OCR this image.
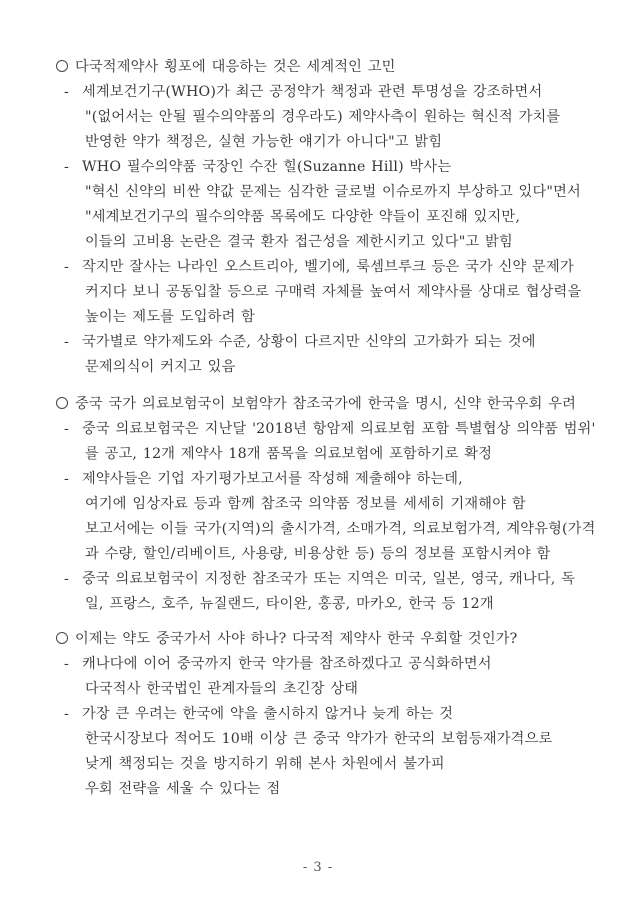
다국적제약사 횡포에 대응하는 것은 세계적인 고민
- 세계보건기구(WHO)가 최근 공정약가 책정과 관련 투명성을 강조하면서
"(없어서는 안될 필수의약품의 경우라도) 제약사측이 원하는 혁신적 가치를
반영한 약가 책정은, 실현 가능한 얘기가 아니다"고 밝힘
- WHO 필수의약품 국장인 수잔 힐(Suzanne Hill) 박사는
"혁신 신약의 비싼 약값 문제는 심각한 글로벌 이슈로까지 부상하고 있다"면서
"세계보건기구의 필수의약품 목록에도 다양한 약들이 포진해 있지만,
이들의 고비용 논란은 결국 환자 접근성을 제한시키고 있다"고 밝힘
- 작지만 잘사는 나라인 오스트리아, 벨기에, 룩셈브루크 등은 국가 신약 문제가
커지다 보니 공동입찰 등으로 구매력 자체를 높여서 제약사를 상대로 협상력을
높이는 제도를 도입하려 함
- 국가별로 약가제도와 수준, 상황이 다르지만 신약의 고가화가 되는 것에
문제의식이 커지고 있음
중국 국가 의료보험국이 보험약가 참조국가에 한국을 명시, 신약 한국우회 우려
- 중국 의료보험국은 지난달 '2018년 항암제 의료보험 포함 특별협상 의약품 범위'
를 공고, 12개 제약사 18개 품목을 의료보험에 포함하기로 확정
- 제약사들은 기업 자기평가보고서를 작성해 제출해야 하는데,
여기에 임상자료 등과 함께 참조국 의약품 정보를 세세히 기재해야 함
보고서에는 이들 국가(지역)의 출시가격, 소매가격, 의료보험가격, 계약유형(가격
과 수량, 할인/리베이트, 사용량, 비용상한 등) 등의 정보를 포함시켜야 함
- 중국 의료보험국이 지정한 참조국가 또는 지역은 미국, 일본, 영국, 캐나다, 독
일, 프랑스, 호주, 뉴질랜드, 타이완, 홍콩, 마카오, 한국 등 12개
이제는 약도 중국가서 사야 하나? 다국적 제약사 한국 우회할 것인가?
- 캐나다에 이어 중국까지 한국 약가를 참조하겠다고 공식화하면서
다국적사 한국법인 관계자들의 초긴장 상태
- 가장 큰 우려는 한국에 약을 출시하지 않거나 늦게 하는 것
한국시장보다 적어도 10배 이상 큰 중국 약가가 한국의 보험등재가격으로
낮게 책정되는 것을 방지하기 위해 본사 차원에서 불가피
우회 전략을 세울 수 있다는 점
- 3 -
